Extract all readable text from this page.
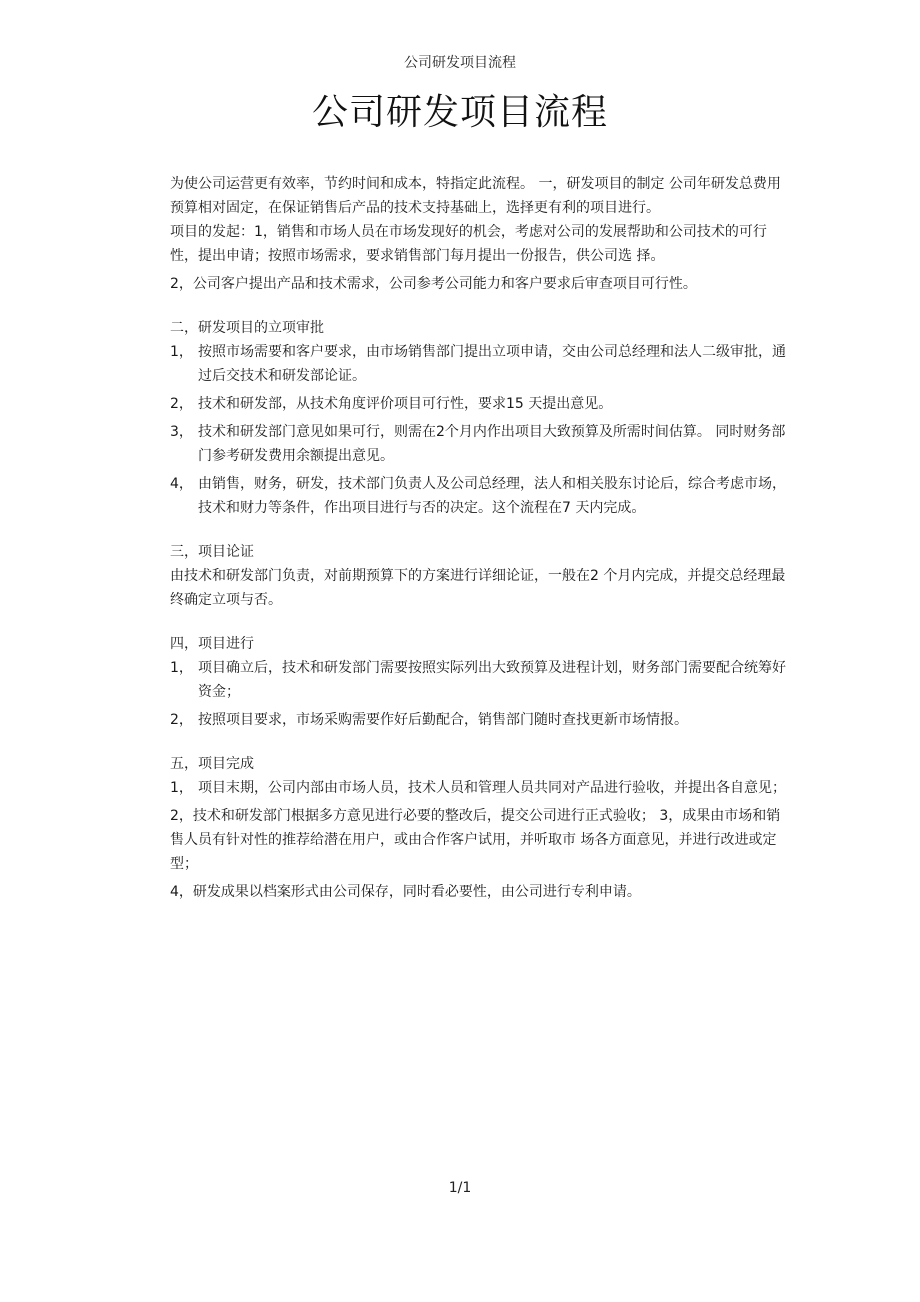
公司研发项目流程
公司研发项目流程

为使公司运营更有效率，节约时间和成本，特指定此流程。 一，研发项目的制定 公司年研发总费用预算相对固定，在保证销售后产品的技术支持基础上，选择更有利的项目进行。

项目的发起：1，销售和市场人员在市场发现好的机会，考虑对公司的发展帮助和公司技术的可行性，提出申请；按照市场需求，要求销售部门每月提出一份报告，供公司选 择。

2，公司客户提出产品和技术需求，公司参考公司能力和客户要求后审查项目可行性。

二，研发项目的立项审批

1， 按照市场需要和客户要求，由市场销售部门提出立项申请，交由公司总经理和法人二级审批，通过后交技术和研发部论证。
2， 技术和研发部，从技术角度评价项目可行性，要求15 天提出意见。
3， 技术和研发部门意见如果可行，则需在2个月内作出项目大致预算及所需时间估算。 同时财务部门参考研发费用余额提出意见。
4， 由销售，财务，研发，技术部门负责人及公司总经理，法人和相关股东讨论后，综合考虑市场，技术和财力等条件，作出项目进行与否的决定。这个流程在7 天内完成。

三，项目论证

由技术和研发部门负责，对前期预算下的方案进行详细论证，一般在2 个月内完成，并提交总经理最终确定立项与否。

四，项目进行

1， 项目确立后，技术和研发部门需要按照实际列出大致预算及进程计划，财务部门需要配合统筹好资金；
2， 按照项目要求，市场采购需要作好后勤配合，销售部门随时查找更新市场情报。

五，项目完成

1， 项目末期，公司内部由市场人员，技术人员和管理人员共同对产品进行验收，并提出各自意见；

2，技术和研发部门根据多方意见进行必要的整改后，提交公司进行正式验收； 3，成果由市场和销售人员有针对性的推荐给潜在用户，或由合作客户试用，并听取市 场各方面意见，并进行改进或定型；

4，研发成果以档案形式由公司保存，同时看必要性，由公司进行专利申请。

1/1
